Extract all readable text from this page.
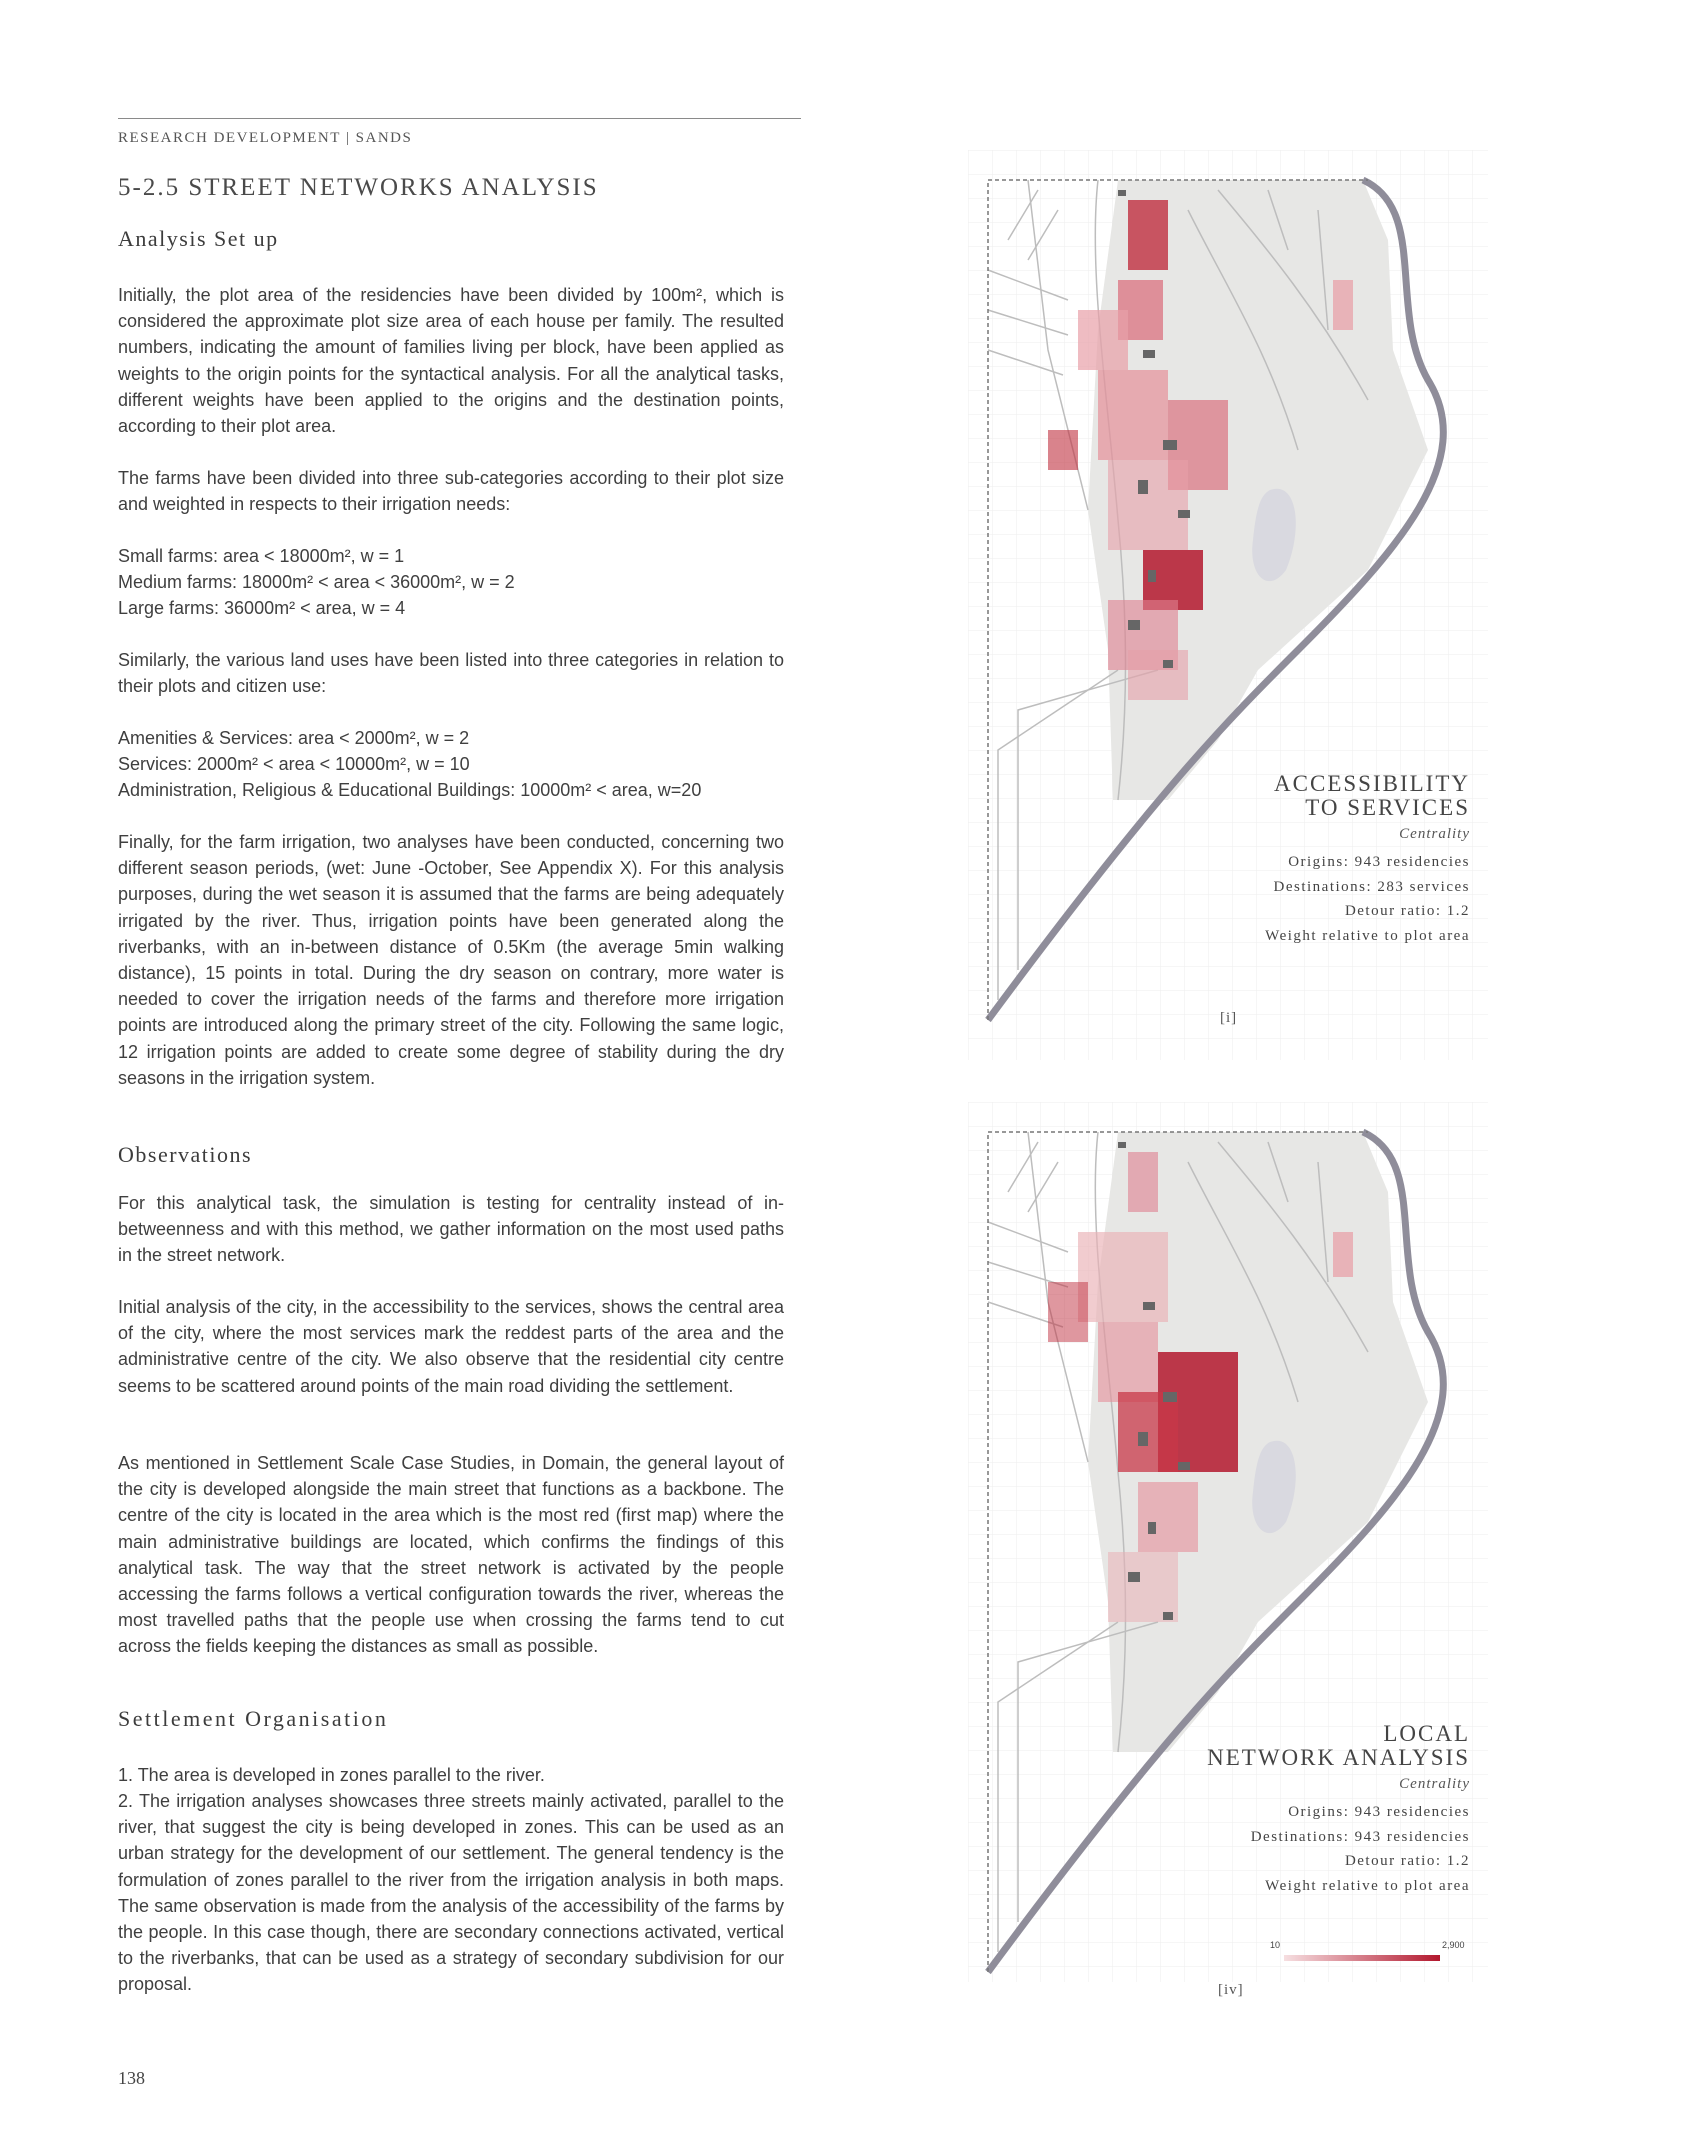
RESEARCH DEVELOPMENT | SANDS
5-2.5 STREET NETWORKS ANALYSIS
Analysis Set up

Initially, the plot area of the residencies have been divided by 100m², which is considered the approximate plot size area of each house per family. The resulted numbers, indicating the amount of families living per block, have been applied as weights to the origin points for the syntactical analysis. For all the analytical tasks, different weights have been applied to the origins and the destination points, according to their plot area.

The farms have been divided into three sub-categories according to their plot size and weighted in respects to their irrigation needs:

Small farms: area < 18000m², w = 1
Medium farms: 18000m² < area < 36000m², w = 2
Large farms: 36000m² < area, w = 4

Similarly, the various land uses have been listed into three categories in relation to their plots and citizen use:

Amenities & Services: area < 2000m², w = 2
Services: 2000m² < area < 10000m², w = 10
Administration, Religious & Educational Buildings: 10000m² < area, w=20

Finally, for the farm irrigation, two analyses have been conducted, concerning two different season periods, (wet: June -October, See Appendix X). For this analysis purposes, during the wet season it is assumed that the farms are being adequately irrigated by the river. Thus, irrigation points have been generated along the riverbanks, with an in-between distance of 0.5Km (the average 5min walking distance), 15 points in total. During the dry season on contrary, more water is needed to cover the irrigation needs of the farms and therefore more irrigation points are introduced along the primary street of the city. Following the same logic, 12 irrigation points are added to create some degree of stability during the dry seasons in the irrigation system.

Observations

For this analytical task, the simulation is testing for centrality instead of in-betweenness and with this method, we gather information on the most used paths in the street network.

Initial analysis of the city, in the accessibility to the services, shows the central area of the city, where the most services mark the reddest parts of the area and the administrative centre of the city. We also observe that the residential city centre seems to be scattered around points of the main road dividing the settlement.

As mentioned in Settlement Scale Case Studies, in Domain, the general layout of the city is developed alongside the main street that functions as a backbone. The centre of the city is located in the area which is the most red (first map) where the main administrative buildings are located, which confirms the findings of this analytical task. The way that the street network is activated by the people accessing the farms follows a vertical configuration towards the river, whereas the most travelled paths that the people use when crossing the farms tend to cut across the fields keeping the distances as small as possible.

Settlement Organisation

1. The area is developed in zones parallel to the river.

2. The irrigation analyses showcases three streets mainly activated, parallel to the river, that suggest the city is being developed in zones. This can be used as an urban strategy for the development of our settlement. The general tendency is the formulation of zones parallel to the river from the irrigation analysis in both maps. The same observation is made from the analysis of the accessibility of the farms by the people. In this case though, there are secondary connections activated, vertical to the riverbanks, that can be used as a strategy of secondary subdivision for our proposal.

138
ACCESSIBILITY
TO SERVICES
Centrality
Origins: 943 residencies
Destinations: 283 services
Detour ratio: 1.2
Weight relative to plot area
[i]
LOCAL
NETWORK ANALYSIS
Centrality
Origins: 943 residencies
Destinations: 943 residencies
Detour ratio: 1.2
Weight relative to plot area
10	2,900
[iv]
